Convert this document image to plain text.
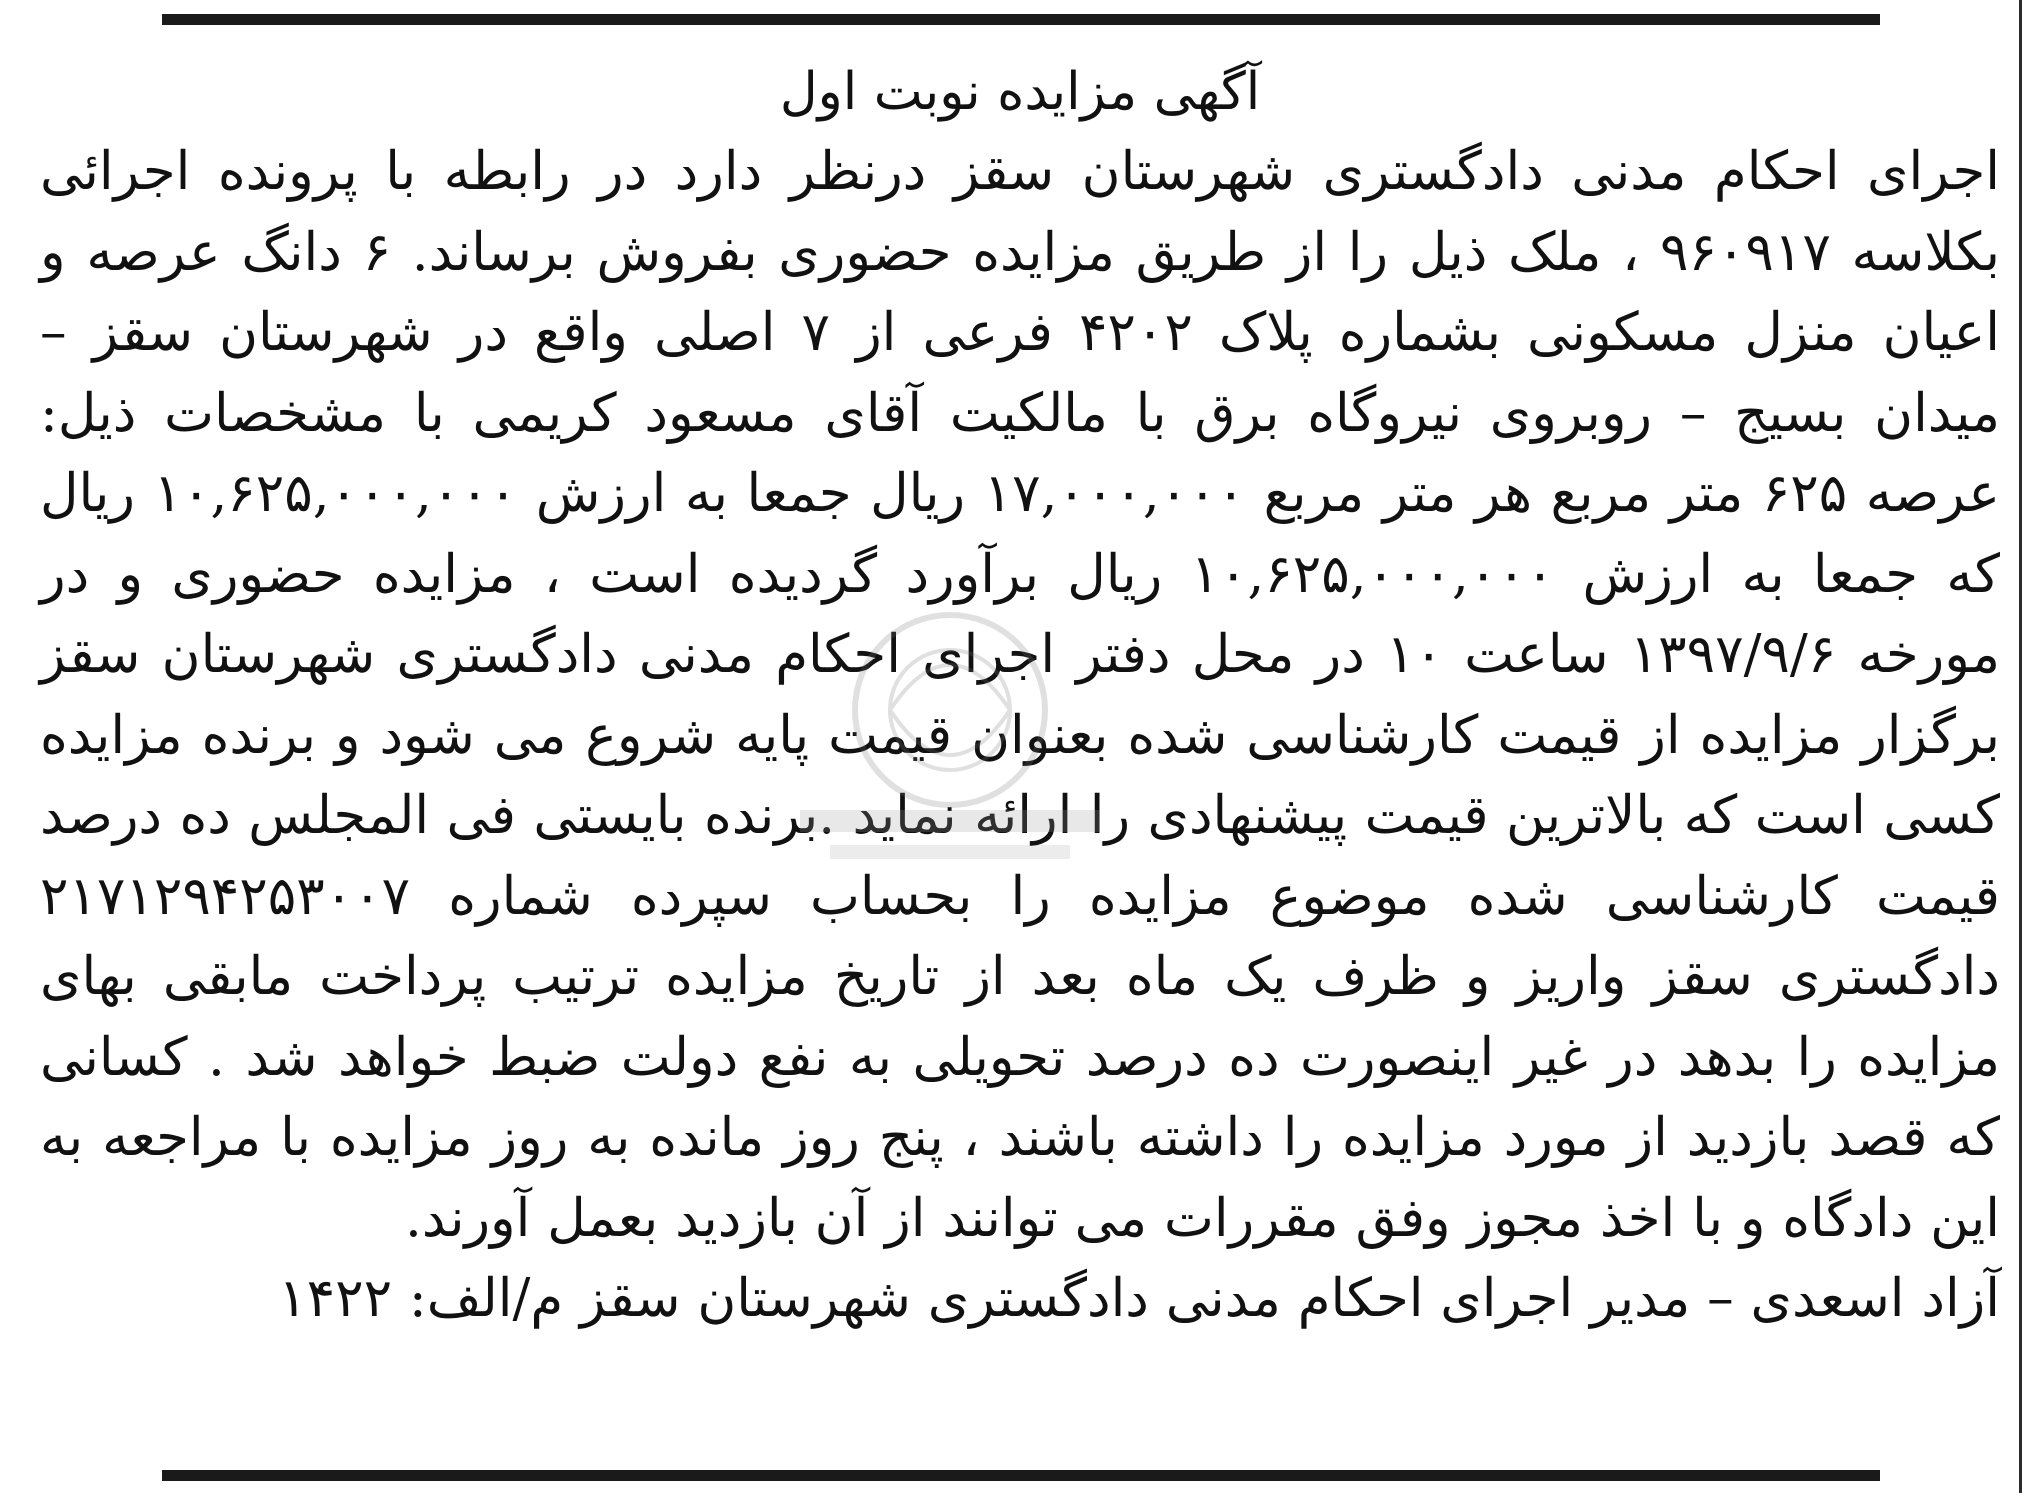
آگهی مزایده نوبت اول

اجرای احکام مدنی دادگستری شهرستان سقز درنظر دارد در رابطه با پرونده اجرائی بکلاسه ۹۶۰۹۱۷ ، ملک ذیل را از طریق مزایده حضوری بفروش برساند. ۶ دانگ عرصه و اعیان منزل مسکونی بشماره پلاک ۴۲۰۲ فرعی از ۷ اصلی واقع در شهرستان سقز – میدان بسیج – روبروی نیروگاه برق با مالکیت آقای مسعود کریمی با مشخصات ذیل: عرصه ۶۲۵ متر مربع هر متر مربع ۱۷,۰۰۰,۰۰۰ ریال جمعا به ارزش ۱۰,۶۲۵,۰۰۰,۰۰۰ ریال که جمعا به ارزش ۱۰,۶۲۵,۰۰۰,۰۰۰ ریال برآورد گردیده است ، مزایده حضوری و در مورخه ۱۳۹۷/۹/۶ ساعت ۱۰ در محل دفتر اجرای احکام مدنی دادگستری شهرستان سقز برگزار مزایده از قیمت کارشناسی شده بعنوان قیمت پایه شروع می شود و برنده مزایده کسی است که بالاترین قیمت پیشنهادی را ارائه نماید .برنده بایستی فی المجلس ده درصد قیمت کارشناسی شده موضوع مزایده را بحساب سپرده شماره ۲۱۷۱۲۹۴۲۵۳۰۰۷ دادگستری سقز واریز و ظرف یک ماه بعد از تاریخ مزایده ترتیب پرداخت مابقی بهای مزایده را بدهد در غیر اینصورت ده درصد تحویلی به نفع دولت ضبط خواهد شد . کسانی که قصد بازدید از مورد مزایده را داشته باشند ، پنج روز مانده به روز مزایده با مراجعه به این دادگاه و با اخذ مجوز وفق مقررات می توانند از آن بازدید بعمل آورند.

آزاد اسعدی – مدیر اجرای احکام مدنی دادگستری شهرستان سقز م/الف: ۱۴۲۲
